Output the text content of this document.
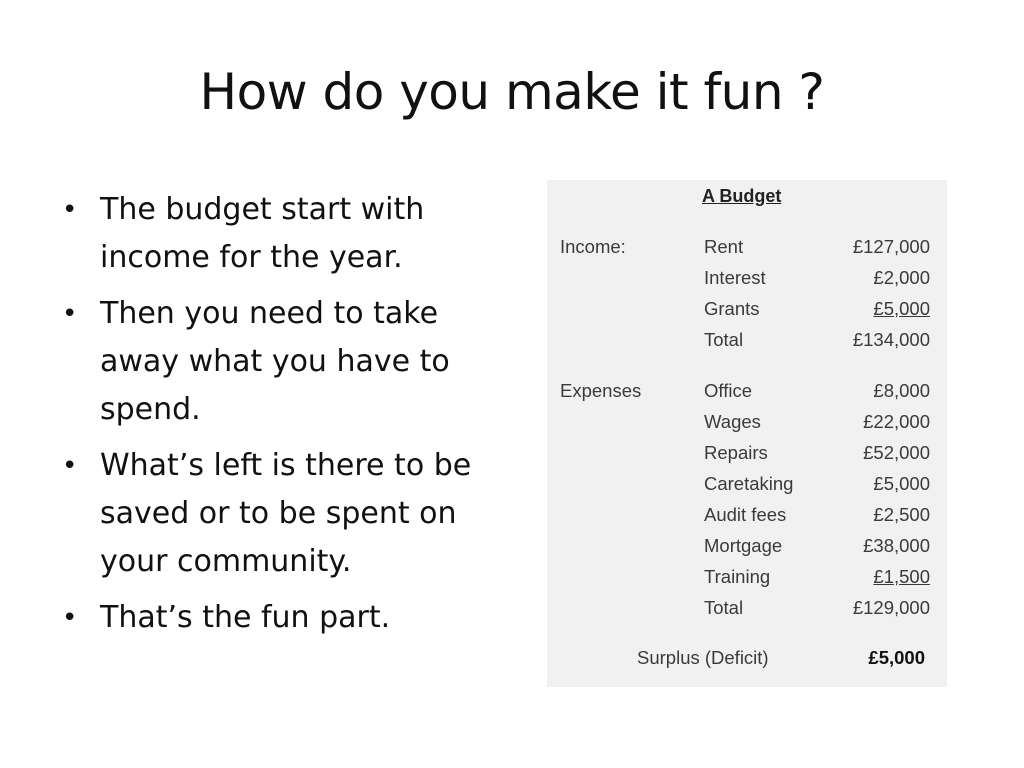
How do you make it fun ?
• The budget start with income for the year.
• Then you need to take away what you have to spend.
• What’s left is there to be saved or to be spent on your community.
• That’s the fun part.
A Budget
Income:	Rent	£127,000
Interest	£2,000
Grants	£5,000
Total	£134,000
Expenses	Office	£8,000
Wages	£22,000
Repairs	£52,000
Caretaking	£5,000
Audit fees	£2,500
Mortgage	£38,000
Training	£1,500
Total	£129,000
Surplus (Deficit)	£5,000
